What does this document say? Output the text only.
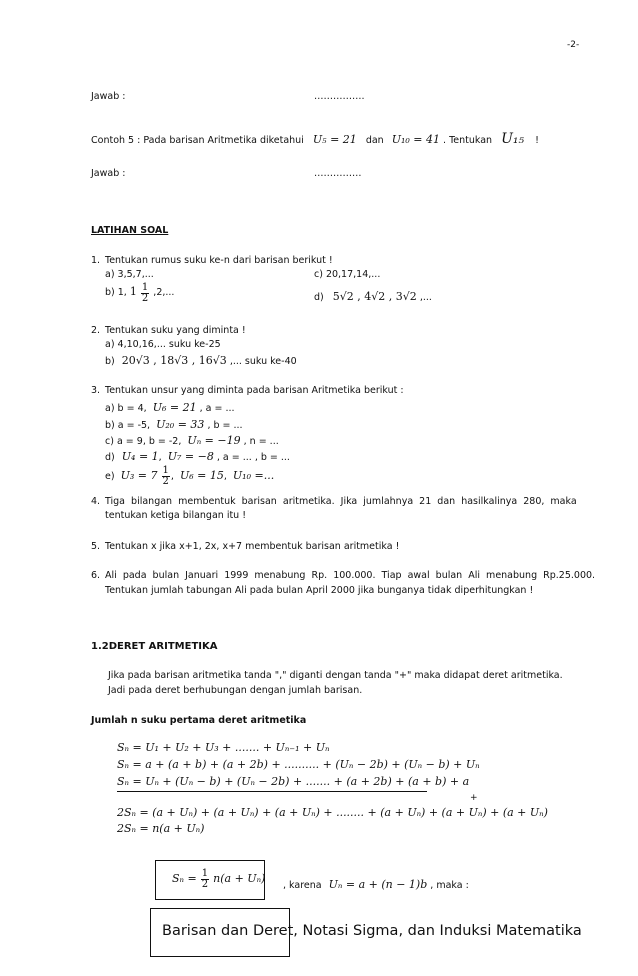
-2-
Jawab :	…………….
Contoh 5 : Pada barisan Aritmetika diketahui U₅ = 21 dan U₁₀ = 41 . Tentukan U₁₅ !
Jawab :	……………
LATIHAN SOAL
1. Tentukan rumus suku ke-n dari barisan berikut !
a) 3,5,7,...	c) 20,17,14,...
b) 1, $1 \frac{1}{2} ,2$,...	d) 5√2 , 4√2 , 3√2 ,...
2. Tentukan suku yang diminta !
a) 4,10,16,... suku ke-25
b) 20√3 , 18√3 , 16√3 ,... suku ke-40
3. Tentukan unsur yang diminta pada barisan Aritmetika berikut :
a) b = 4, U₆ = 21 , a = ...
b) a = -5, U₂₀ = 33 , b = ...
c) a = 9, b = -2, Uₙ = −19 , n = ...
d) U₄ = 1, U₇ = −8 , a = ... , b = ...
e) $U_3 = 7 \frac{1}{2}$ , U₆ = 15, U₁₀ =...
4. Tiga  bilangan  membentuk  barisan  aritmetika.  Jika  jumlahnya  21  dan  hasilkalinya  280,  maka
tentukan ketiga bilangan itu !
5. Tentukan x jika x+1, 2x, x+7 membentuk barisan aritmetika !
6. Ali  pada  bulan  Januari  1999  menabung  Rp.  100.000.  Tiap  awal  bulan  Ali  menabung  Rp.25.000.
Tentukan jumlah tabungan Ali pada bulan April 2000 jika bunganya tidak diperhitungkan !
1.2DERET ARITMETIKA
Jika pada barisan aritmetika tanda "," diganti dengan tanda "+" maka didapat deret aritmetika.
Jadi pada deret berhubungan dengan jumlah barisan.
Jumlah n suku pertama deret aritmetika
Sₙ = U₁ + U₂ + U₃ + ....... + Uₙ₋₁ + Uₙ
Sₙ = a + (a + b) + (a + 2b) + .......... + (Uₙ − 2b) + (Uₙ − b) + Uₙ
Sₙ = Uₙ + (Uₙ − b) + (Uₙ − 2b) + ....... + (a + 2b) + (a + b) + a
+
2Sₙ = (a + Uₙ) + (a + Uₙ) + (a + Uₙ) + ........ + (a + Uₙ) + (a + Uₙ) + (a + Uₙ)
2Sₙ = n(a + Uₙ)
$S_n = \frac{1}{2} n(a + U_n)$
, karena Uₙ = a + (n − 1)b , maka :
Barisan dan Deret, Notasi Sigma, dan Induksi Matematika
